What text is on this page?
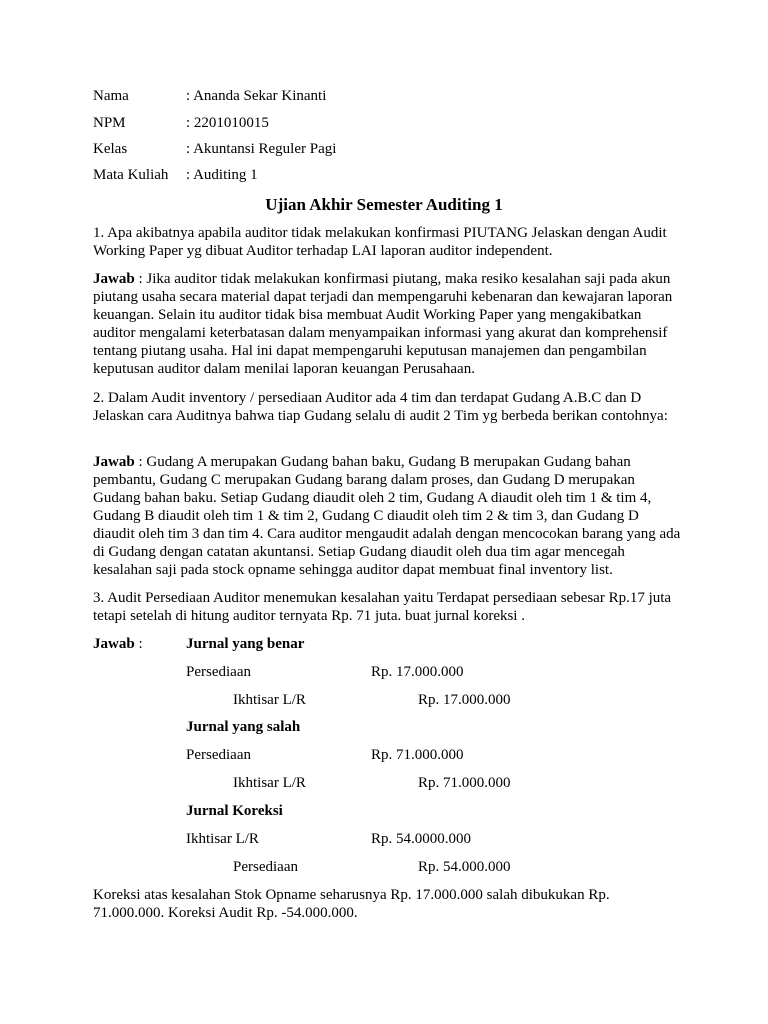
Nama	: Ananda Sekar Kinanti
NPM	: 2201010015
Kelas	: Akuntansi Reguler Pagi
Mata Kuliah : Auditing 1
Ujian Akhir Semester Auditing 1
1. Apa akibatnya apabila auditor tidak melakukan konfirmasi PIUTANG Jelaskan dengan Audit Working Paper yg dibuat Auditor terhadap LAI laporan auditor independent.
Jawab : Jika auditor tidak melakukan konfirmasi piutang, maka resiko kesalahan saji pada akun piutang usaha secara material dapat terjadi dan mempengaruhi kebenaran dan kewajaran laporan keuangan. Selain itu auditor tidak bisa membuat Audit Working Paper yang mengakibatkan auditor mengalami keterbatasan dalam menyampaikan informasi yang akurat dan komprehensif tentang piutang usaha. Hal ini dapat mempengaruhi keputusan manajemen dan pengambilan keputusan auditor dalam menilai laporan keuangan Perusahaan.
2. Dalam Audit inventory / persediaan Auditor ada 4 tim dan terdapat Gudang A.B.C dan D Jelaskan cara Auditnya bahwa tiap Gudang selalu di audit 2 Tim yg berbeda berikan contohnya:
Jawab : Gudang A merupakan Gudang bahan baku, Gudang B merupakan Gudang bahan pembantu, Gudang C merupakan Gudang barang dalam proses, dan Gudang D merupakan Gudang bahan baku. Setiap Gudang diaudit oleh 2 tim, Gudang A diaudit oleh tim 1 & tim 4, Gudang B diaudit oleh tim 1 & tim 2, Gudang C diaudit oleh tim 2 & tim 3, dan Gudang D diaudit oleh tim 3 dan tim 4. Cara auditor mengaudit adalah dengan mencocokan barang yang ada di Gudang dengan catatan akuntansi. Setiap Gudang diaudit oleh dua tim agar mencegah kesalahan saji pada stock opname sehingga auditor dapat membuat final inventory list.
3. Audit Persediaan Auditor menemukan kesalahan yaitu Terdapat persediaan sebesar Rp.17 juta tetapi setelah di hitung auditor ternyata Rp. 71 juta. buat jurnal koreksi .
Jawab :	Jurnal yang benar
Persediaan	Rp. 17.000.000
Ikhtisar L/R	Rp. 17.000.000
Jurnal yang salah
Persediaan	Rp. 71.000.000
Ikhtisar L/R	Rp. 71.000.000
Jurnal Koreksi
Ikhtisar L/R	Rp. 54.0000.000
Persediaan	Rp. 54.000.000
Koreksi atas kesalahan Stok Opname seharusnya Rp. 17.000.000 salah dibukukan Rp. 71.000.000. Koreksi Audit Rp. -54.000.000.
